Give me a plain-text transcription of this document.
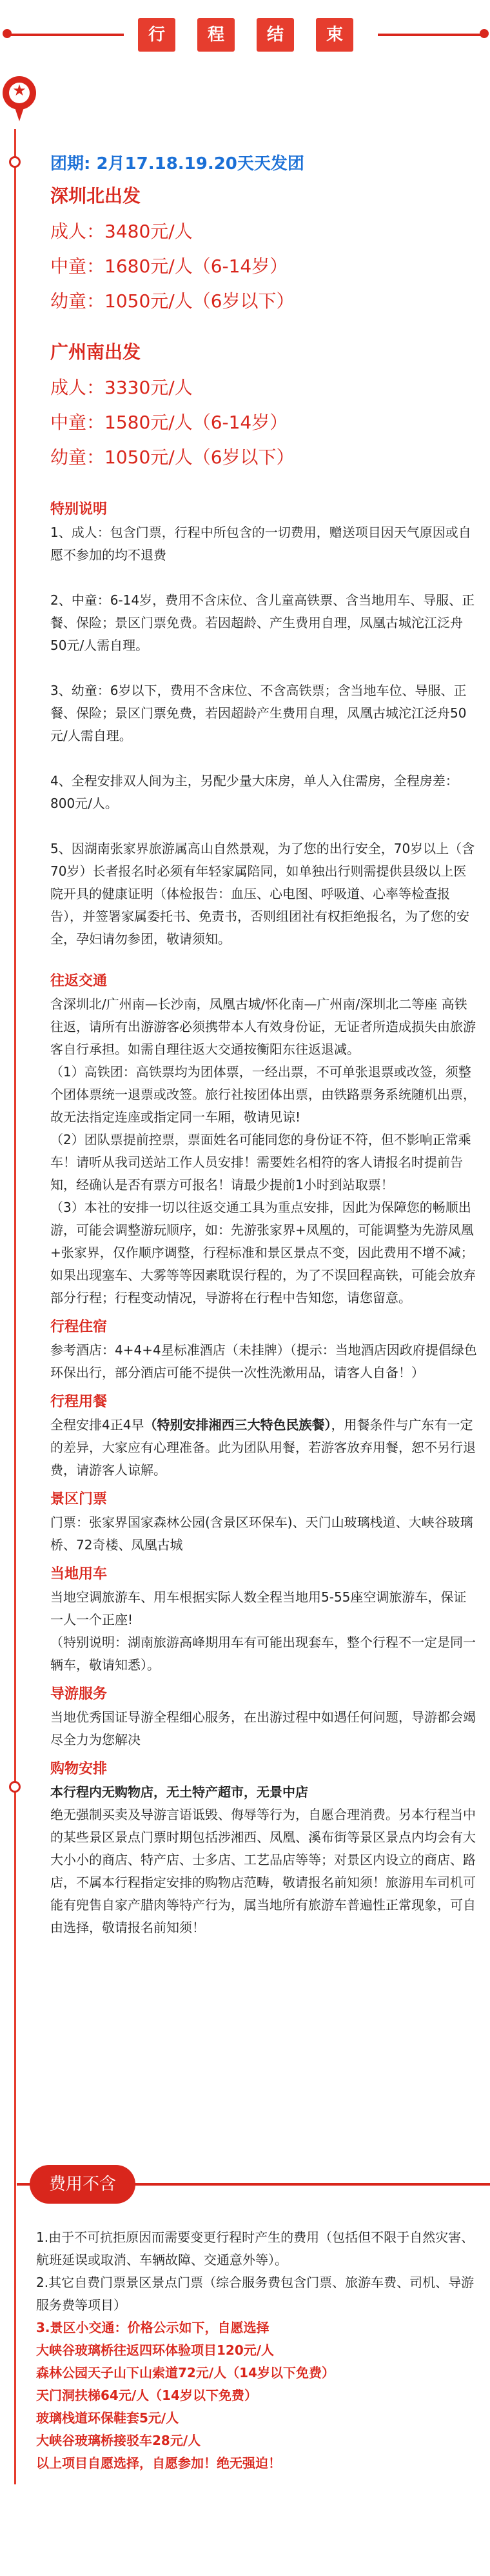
行	程	结	束
★
团期: 2月17.18.19.20天天发团
深圳北出发
成人：3480元/人
中童：1680元/人（6-14岁）
幼童：1050元/人（6岁以下）
广州南出发
成人：3330元/人
中童：1580元/人（6-14岁）
幼童：1050元/人（6岁以下）
特别说明

1、成人：包含门票，行程中所包含的一切费用，赠送项目因天气原因或自愿不参加的均不退费

2、中童：6-14岁，费用不含床位、含儿童高铁票、含当地用车、导服、正餐、保险；景区门票免费。若因超龄、产生费用自理，凤凰古城沱江泛舟50元/人需自理。

3、幼童：6岁以下，费用不含床位、不含高铁票；含当地车位、导服、正餐、保险；景区门票免费，若因超龄产生费用自理，凤凰古城沱江泛舟50元/人需自理。

4、全程安排双人间为主，另配少量大床房，单人入住需房，全程房差：800元/人。

5、因湖南张家界旅游属高山自然景观，为了您的出行安全，70岁以上（含70岁）长者报名时必须有年轻家属陪同，如单独出行则需提供县级以上医院开具的健康证明（体检报告：血压、心电图、呼吸道、心率等检查报告），并签署家属委托书、免责书，否则组团社有权拒绝报名，为了您的安全，孕妇请勿参团，敬请须知。

往返交通

含深圳北/广州南—长沙南，凤凰古城/怀化南—广州南/深圳北二等座 高铁往返，请所有出游游客必须携带本人有效身份证，无证者所造成损失由旅游客自行承担。如需自理往返大交通按衡阳东往返退减。

（1）高铁团：高铁票均为团体票，一经出票，不可单张退票或改签，须整个团体票统一退票或改签。旅行社按团体出票，由铁路票务系统随机出票，故无法指定连座或指定同一车厢，敬请见谅!

（2）团队票提前控票，票面姓名可能同您的身份证不符，但不影响正常乘车！请听从我司送站工作人员安排！需要姓名相符的客人请报名时提前告知，经确认是否有票方可报名！请最少提前1小时到站取票！

（3）本社的安排一切以往返交通工具为重点安排，因此为保障您的畅顺出游，可能会调整游玩顺序，如：先游张家界+凤凰的，可能调整为先游凤凰+张家界，仅作顺序调整，行程标准和景区景点不变，因此费用不增不减；如果出现塞车、大雾等等因素耽误行程的，为了不误回程高铁，可能会放弃部分行程；行程变动情况，导游将在行程中告知您，请您留意。

行程住宿

参考酒店：4+4+4星标准酒店（未挂牌）（提示：当地酒店因政府提倡绿色环保出行，部分酒店可能不提供一次性洗漱用品，请客人自备！）

行程用餐

全程安排4正4早（特别安排湘西三大特色民族餐），用餐条件与广东有一定的差异，大家应有心理准备。此为团队用餐，若游客放弃用餐，恕不另行退费，请游客人谅解。

景区门票

门票：张家界国家森林公园(含景区环保车)、天门山玻璃栈道、大峡谷玻璃桥、72奇楼、凤凰古城

当地用车

当地空调旅游车、用车根据实际人数全程当地用5-55座空调旅游车，保证一人一个正座!

（特别说明：湖南旅游高峰期用车有可能出现套车，整个行程不一定是同一辆车，敬请知悉）。

导游服务

当地优秀国证导游全程细心服务，在出游过程中如遇任何问题，导游都会竭尽全力为您解决

购物安排

本行程内无购物店，无土特产超市，无景中店

绝无强制买卖及导游言语诋毁、侮辱等行为，自愿合理消费。另本行程当中的某些景区景点门票时期包括涉湘西、凤凰、溪布街等景区景点内均会有大大小小的商店、特产店、士多店、工艺品店等等；对景区内设立的商店、路店，不属本行程指定安排的购物店范畴，敬请报名前知须！旅游用车司机可能有兜售自家产腊肉等特产行为，属当地所有旅游车普遍性正常现象，可自由选择，敬请报名前知须！

费用不含

1.由于不可抗拒原因而需要变更行程时产生的费用（包括但不限于自然灾害、航班延误或取消、车辆故障、交通意外等）。

2.其它自费门票景区景点门票（综合服务费包含门票、旅游车费、司机、导游服务费等项目）

3.景区小交通：价格公示如下，自愿选择

大峡谷玻璃桥往返四环体验项目120元/人

森林公园天子山下山索道72元/人（14岁以下免费）

天门洞扶梯64元/人（14岁以下免费）

玻璃栈道环保鞋套5元/人

大峡谷玻璃桥接驳车28元/人

以上项目自愿选择，自愿参加！绝无强迫！
